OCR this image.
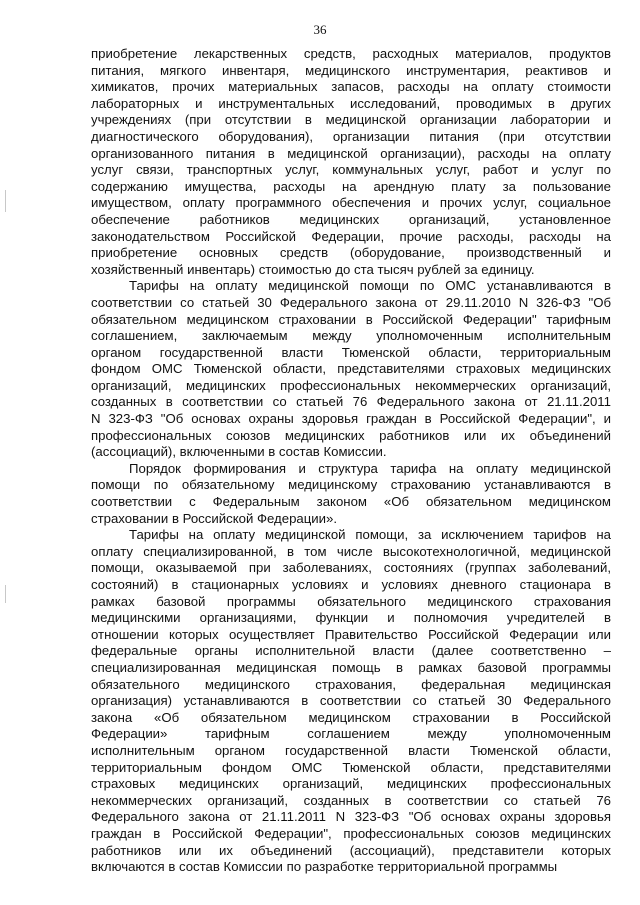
36
приобретение лекарственных средств, расходных материалов, продуктов
питания, мягкого инвентаря, медицинского инструментария, реактивов и
химикатов, прочих материальных запасов, расходы на оплату стоимости
лабораторных и инструментальных исследований, проводимых в других
учреждениях (при отсутствии в медицинской организации лаборатории и
диагностического оборудования), организации питания (при отсутствии
организованного питания в медицинской организации), расходы на оплату
услуг связи, транспортных услуг, коммунальных услуг, работ и услуг по
содержанию имущества, расходы на арендную плату за пользование
имуществом, оплату программного обеспечения и прочих услуг, социальное
обеспечение работников медицинских организаций, установленное
законодательством Российской Федерации, прочие расходы, расходы на
приобретение основных средств (оборудование, производственный и
хозяйственный инвентарь) стоимостью до ста тысяч рублей за единицу.
Тарифы на оплату медицинской помощи по ОМС устанавливаются в
соответствии со статьей 30 Федерального закона от 29.11.2010 N 326-ФЗ "Об
обязательном медицинском страховании в Российской Федерации" тарифным
соглашением, заключаемым между уполномоченным исполнительным
органом государственной власти Тюменской области, территориальным
фондом ОМС Тюменской области, представителями страховых медицинских
организаций, медицинских профессиональных некоммерческих организаций,
созданных в соответствии со статьей 76 Федерального закона от 21.11.2011
N 323-ФЗ "Об основах охраны здоровья граждан в Российской Федерации", и
профессиональных союзов медицинских работников или их объединений
(ассоциаций), включенными в состав Комиссии.
Порядок формирования и структура тарифа на оплату медицинской
помощи по обязательному медицинскому страхованию устанавливаются в
соответствии с Федеральным законом «Об обязательном медицинском
страховании в Российской Федерации».
Тарифы на оплату медицинской помощи, за исключением тарифов на
оплату специализированной, в том числе высокотехнологичной, медицинской
помощи, оказываемой при заболеваниях, состояниях (группах заболеваний,
состояний) в стационарных условиях и условиях дневного стационара в
рамках базовой программы обязательного медицинского страхования
медицинскими организациями, функции и полномочия учредителей в
отношении которых осуществляет Правительство Российской Федерации или
федеральные органы исполнительной власти (далее соответственно –
специализированная медицинская помощь в рамках базовой программы
обязательного медицинского страхования, федеральная медицинская
организация) устанавливаются в соответствии со статьей 30 Федерального
закона «Об обязательном медицинском страховании в Российской
Федерации» тарифным соглашением между уполномоченным
исполнительным органом государственной власти Тюменской области,
территориальным фондом ОМС Тюменской области, представителями
страховых медицинских организаций, медицинских профессиональных
некоммерческих организаций, созданных в соответствии со статьей 76
Федерального закона от 21.11.2011 N 323-ФЗ "Об основах охраны здоровья
граждан в Российской Федерации", профессиональных союзов медицинских
работников или их объединений (ассоциаций), представители которых
включаются в состав Комиссии по разработке территориальной программы
